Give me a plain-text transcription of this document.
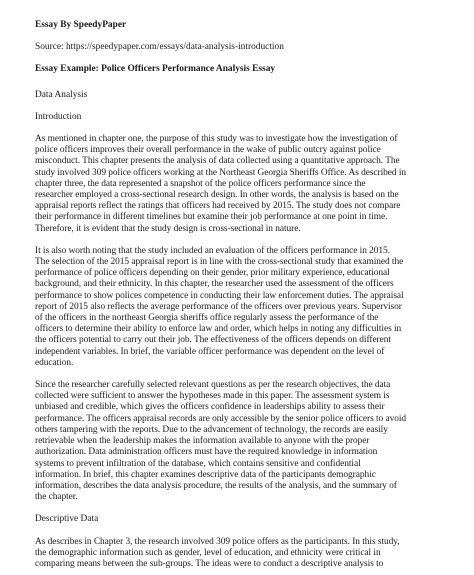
Essay By SpeedyPaper
Source: https://speedypaper.com/essays/data-analysis-introduction
Essay Example: Police Officers Performance Analysis Essay
Data Analysis
Introduction
As mentioned in chapter one, the purpose of this study was to investigate how the investigation of
police officers improves their overall performance in the wake of public outcry against police
misconduct. This chapter presents the analysis of data collected using a quantitative approach. The
study involved 309 police officers working at the Northeast Georgia Sheriffs Office. As described in
chapter three, the data represented a snapshot of the police officers performance since the
researcher employed a cross-sectional research design. In other words, the analysis is based on the
appraisal reports reflect the ratings that officers had received by 2015. The study does not compare
their performance in different timelines but examine their job performance at one point in time.
Therefore, it is evident that the study design is cross-sectional in nature.
It is also worth noting that the study included an evaluation of the officers performance in 2015.
The selection of the 2015 appraisal report is in line with the cross-sectional study that examined the
performance of police officers depending on their gender, prior military experience, educational
background, and their ethnicity. In this chapter, the researcher used the assessment of the officers
performance to show polices competence in conducting their law enforcement duties. The appraisal
report of 2015 also reflects the average performance of the officers over previous years. Supervisor
of the officers in the northeast Georgia sheriffs office regularly assess the performance of the
officers to determine their ability to enforce law and order, which helps in noting any difficulties in
the officers potential to carry out their job. The effectiveness of the officers depends on different
independent variables. In brief, the variable officer performance was dependent on the level of
education.
Since the researcher carefully selected relevant questions as per the research objectives, the data
collected were sufficient to answer the hypotheses made in this paper. The assessment system is
unbiased and credible, which gives the officers confidence in leaderships ability to assess their
performance. The officers appraisal records are only accessible by the senior police officers to avoid
others tampering with the reports. Due to the advancement of technology, the records are easily
retrievable when the leadership makes the information available to anyone with the proper
authorization. Data administration officers must have the required knowledge in information
systems to prevent infiltration of the database, which contains sensitive and confidential
information. In brief, this chapter examines descriptive data of the participants demographic
information, describes the data analysis procedure, the results of the analysis, and the summary of
the chapter.
Descriptive Data
As describes in Chapter 3, the research involved 309 police offers as the participants. In this study,
the demographic information such as gender, level of education, and ethnicity were critical in
comparing means between the sub-groups. The ideas were to conduct a descriptive analysis to
